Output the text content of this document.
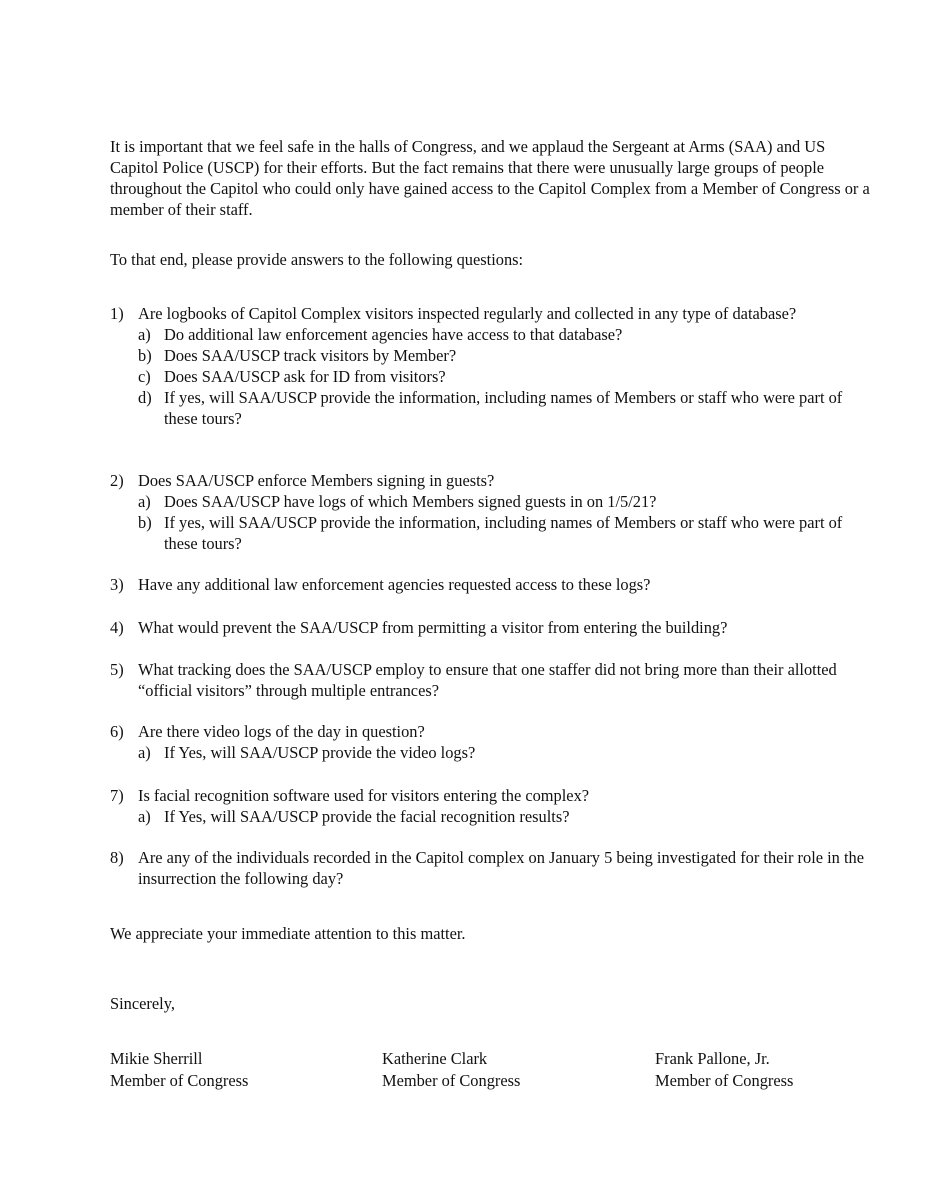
It is important that we feel safe in the halls of Congress, and we applaud the Sergeant at Arms (SAA) and US Capitol Police (USCP) for their efforts. But the fact remains that there were unusually large groups of people throughout the Capitol who could only have gained access to the Capitol Complex from a Member of Congress or a member of their staff.

To that end, please provide answers to the following questions:

1) Are logbooks of Capitol Complex visitors inspected regularly and collected in any type of database?
a) Do additional law enforcement agencies have access to that database?
b) Does SAA/USCP track visitors by Member?
c) Does SAA/USCP ask for ID from visitors?
d) If yes, will SAA/USCP provide the information, including names of Members or staff who were part of these tours?
2) Does SAA/USCP enforce Members signing in guests?
a) Does SAA/USCP have logs of which Members signed guests in on 1/5/21?
b) If yes, will SAA/USCP provide the information, including names of Members or staff who were part of these tours?
3) Have any additional law enforcement agencies requested access to these logs?
4) What would prevent the SAA/USCP from permitting a visitor from entering the building?
5) What tracking does the SAA/USCP employ to ensure that one staffer did not bring more than their allotted “official visitors” through multiple entrances?
6) Are there video logs of the day in question?
a) If Yes, will SAA/USCP provide the video logs?
7) Is facial recognition software used for visitors entering the complex?
a) If Yes, will SAA/USCP provide the facial recognition results?
8) Are any of the individuals recorded in the Capitol complex on January 5 being investigated for their role in the insurrection the following day?

We appreciate your immediate attention to this matter.

Sincerely,

Mikie Sherrill
Member of Congress
Katherine Clark
Member of Congress
Frank Pallone, Jr.
Member of Congress
